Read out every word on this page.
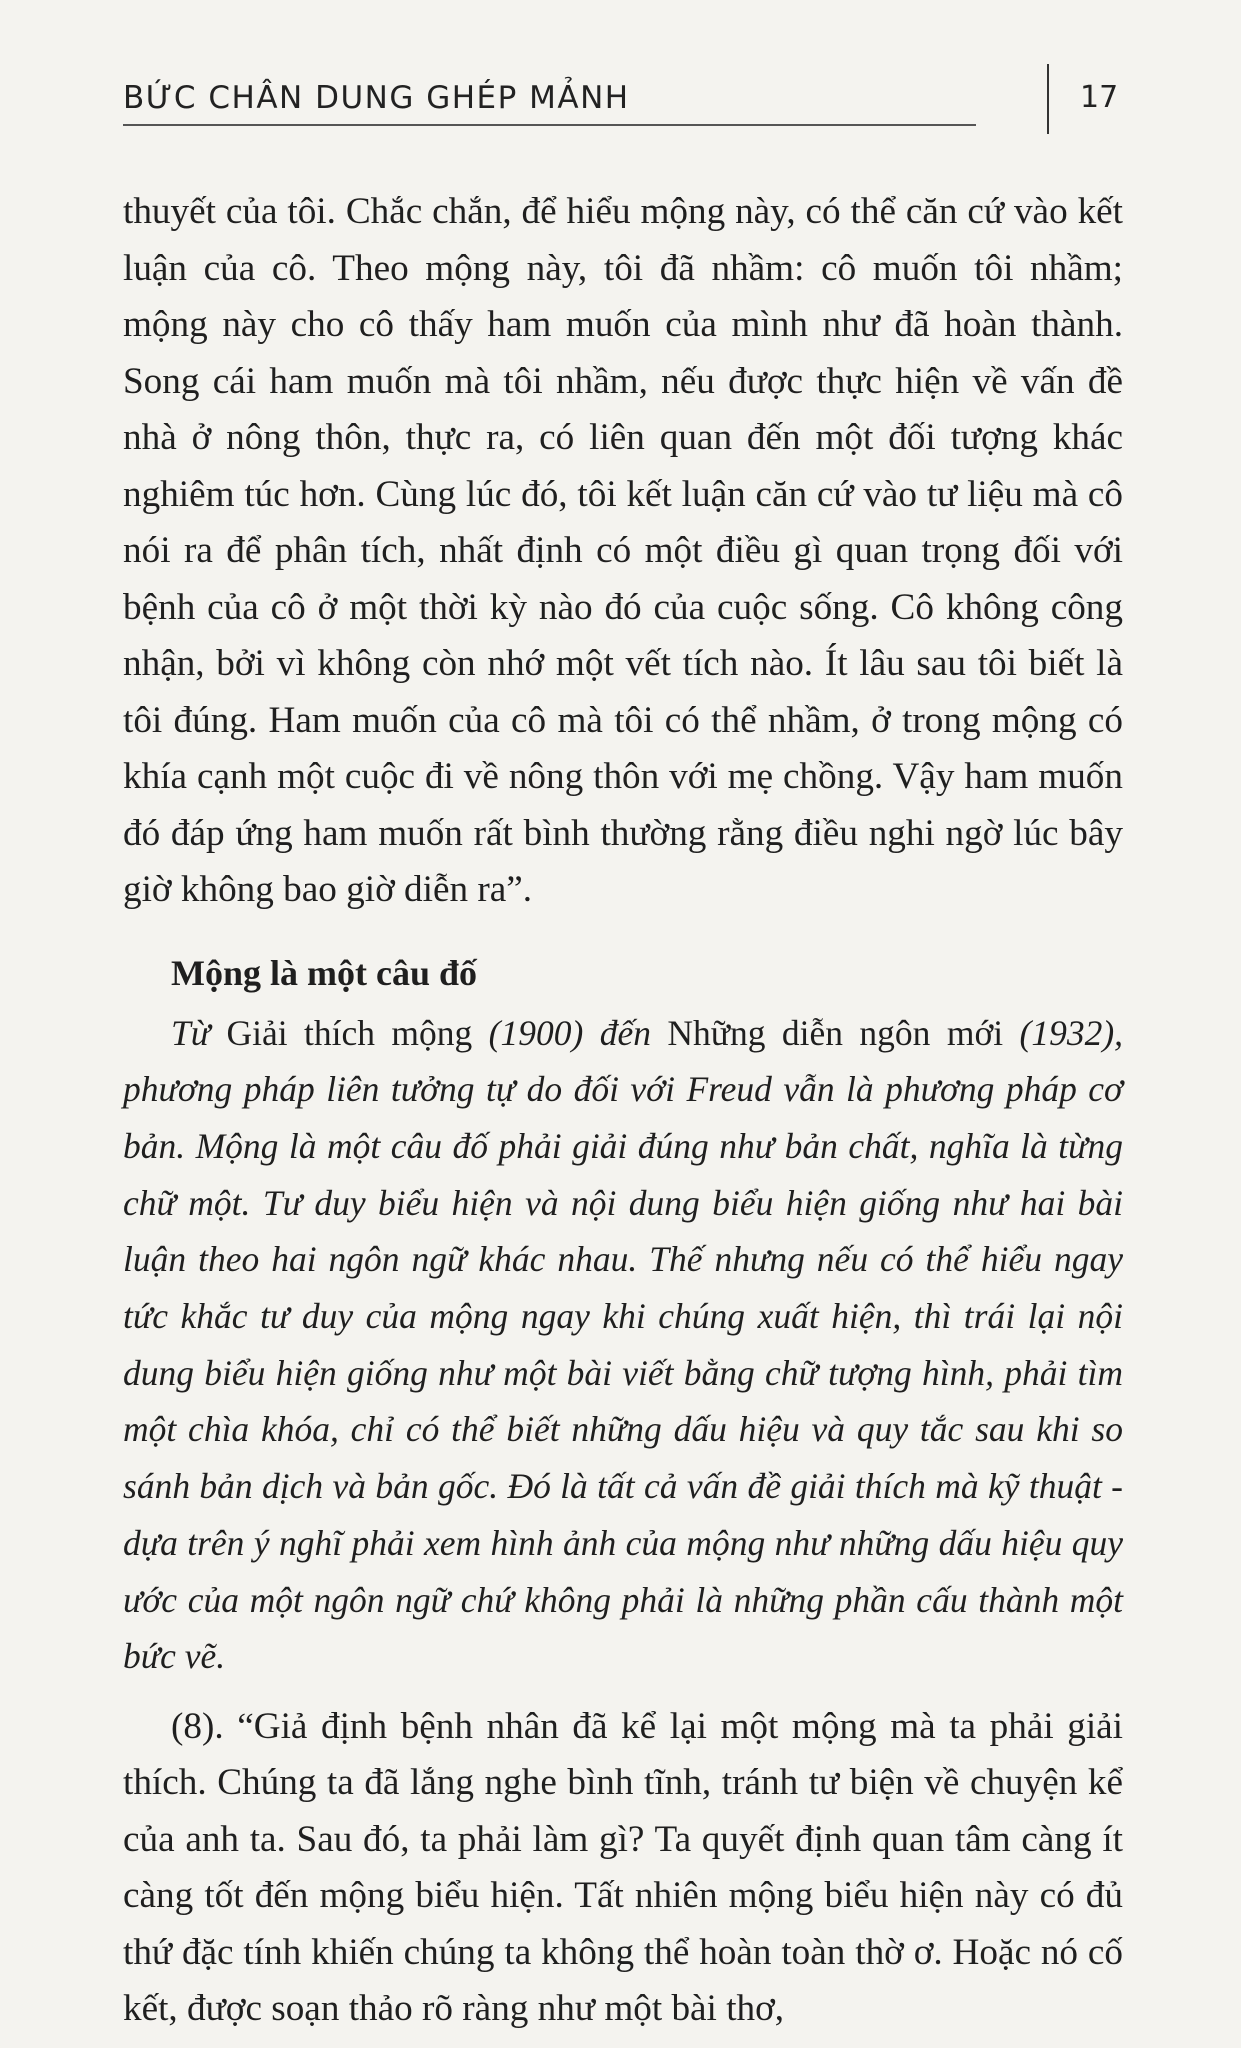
BỨC CHÂN DUNG GHÉP MẢNH	17

thuyết của tôi. Chắc chắn, để hiểu mộng này, có thể căn cứ vào kết luận của cô. Theo mộng này, tôi đã nhầm: cô muốn tôi nhầm; mộng này cho cô thấy ham muốn của mình như đã hoàn thành. Song cái ham muốn mà tôi nhầm, nếu được thực hiện về vấn đề nhà ở nông thôn, thực ra, có liên quan đến một đối tượng khác nghiêm túc hơn. Cùng lúc đó, tôi kết luận căn cứ vào tư liệu mà cô nói ra để phân tích, nhất định có một điều gì quan trọng đối với bệnh của cô ở một thời kỳ nào đó của cuộc sống. Cô không công nhận, bởi vì không còn nhớ một vết tích nào. Ít lâu sau tôi biết là tôi đúng. Ham muốn của cô mà tôi có thể nhầm, ở trong mộng có khía cạnh một cuộc đi về nông thôn với mẹ chồng. Vậy ham muốn đó đáp ứng ham muốn rất bình thường rằng điều nghi ngờ lúc bây giờ không bao giờ diễn ra”.

Mộng là một câu đố

Từ Giải thích mộng (1900) đến Những diễn ngôn mới (1932), phương pháp liên tưởng tự do đối với Freud vẫn là phương pháp cơ bản. Mộng là một câu đố phải giải đúng như bản chất, nghĩa là từng chữ một. Tư duy biểu hiện và nội dung biểu hiện giống như hai bài luận theo hai ngôn ngữ khác nhau. Thế nhưng nếu có thể hiểu ngay tức khắc tư duy của mộng ngay khi chúng xuất hiện, thì trái lại nội dung biểu hiện giống như một bài viết bằng chữ tượng hình, phải tìm một chìa khóa, chỉ có thể biết những dấu hiệu và quy tắc sau khi so sánh bản dịch và bản gốc. Đó là tất cả vấn đề giải thích mà kỹ thuật - dựa trên ý nghĩ phải xem hình ảnh của mộng như những dấu hiệu quy ước của một ngôn ngữ chứ không phải là những phần cấu thành một bức vẽ.

(8). “Giả định bệnh nhân đã kể lại một mộng mà ta phải giải thích. Chúng ta đã lắng nghe bình tĩnh, tránh tư biện về chuyện kể của anh ta. Sau đó, ta phải làm gì? Ta quyết định quan tâm càng ít càng tốt đến mộng biểu hiện. Tất nhiên mộng biểu hiện này có đủ thứ đặc tính khiến chúng ta không thể hoàn toàn thờ ơ. Hoặc nó cố kết, được soạn thảo rõ ràng như một bài thơ,
